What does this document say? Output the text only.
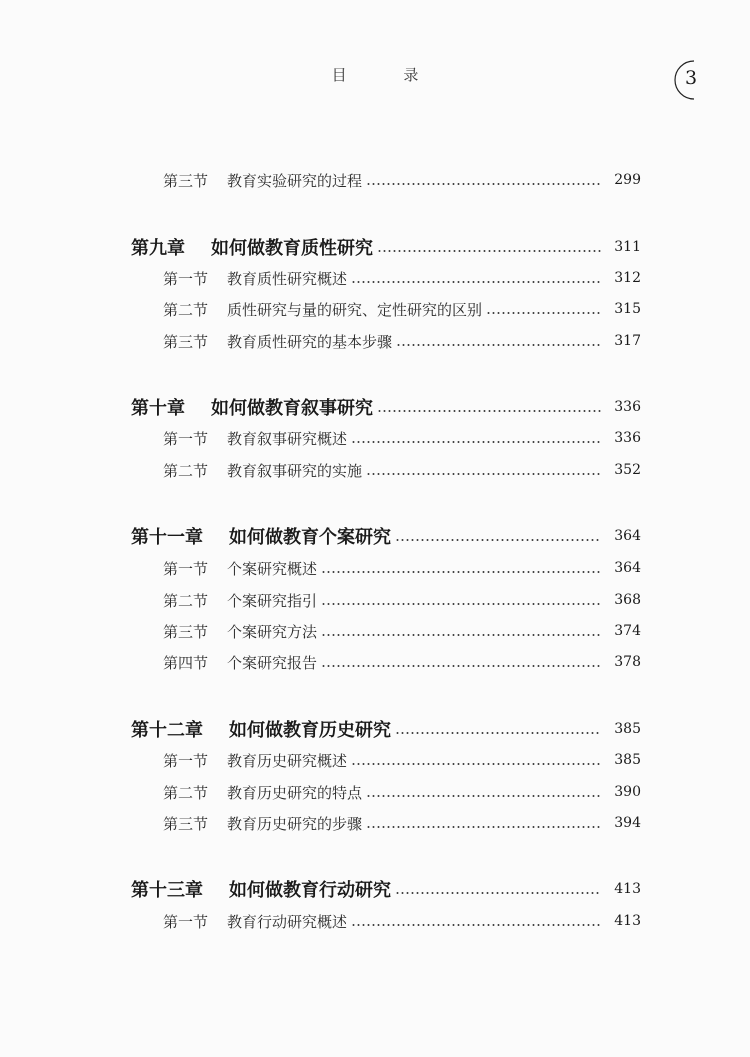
目 录	3
第三节	教育实验研究的过程	299
第九章 如何做教育质性研究	311
第一节	教育质性研究概述	312
第二节	质性研究与量的研究、定性研究的区别	315
第三节	教育质性研究的基本步骤	317
第十章 如何做教育叙事研究	336
第一节	教育叙事研究概述	336
第二节	教育叙事研究的实施	352
第十一章 如何做教育个案研究	364
第一节	个案研究概述	364
第二节	个案研究指引	368
第三节	个案研究方法	374
第四节	个案研究报告	378
第十二章 如何做教育历史研究	385
第一节	教育历史研究概述	385
第二节	教育历史研究的特点	390
第三节	教育历史研究的步骤	394
第十三章 如何做教育行动研究	413
第一节	教育行动研究概述	413
